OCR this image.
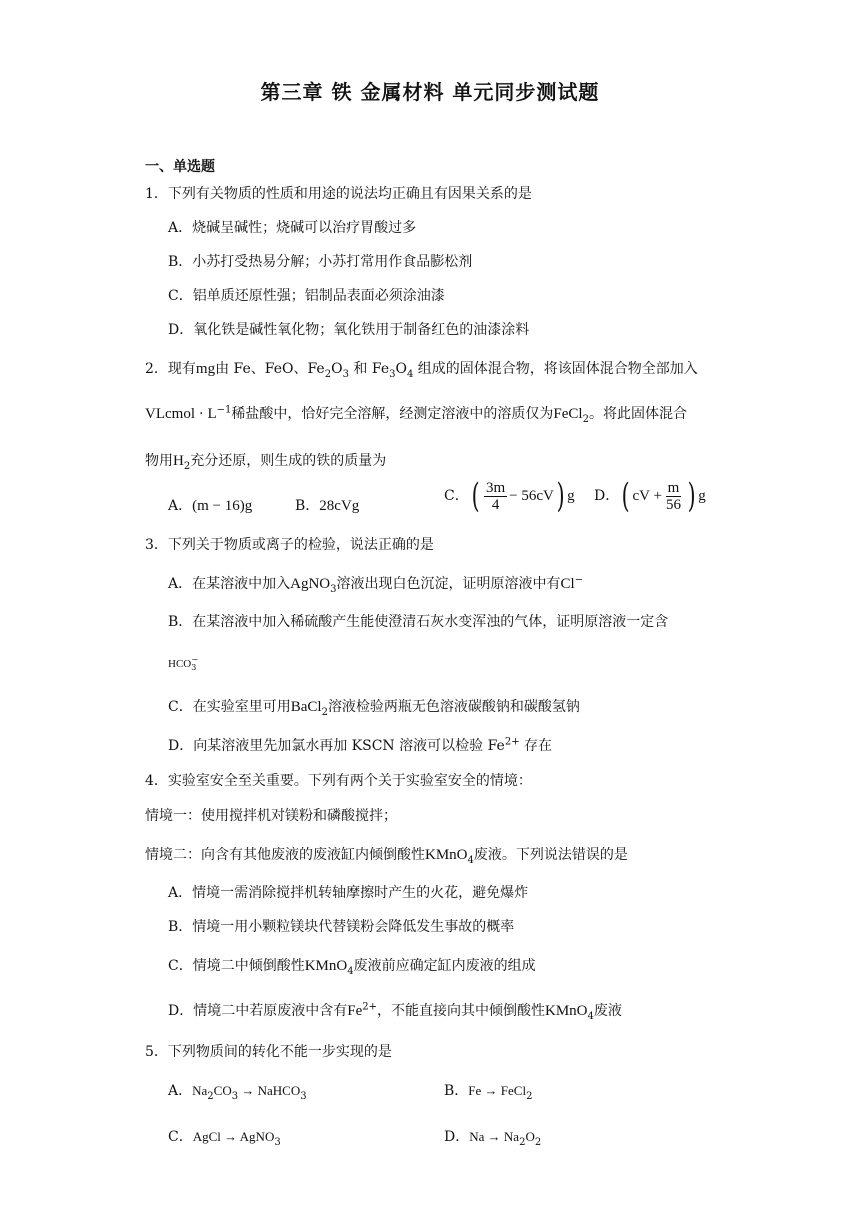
第三章 铁 金属材料 单元同步测试题
一、单选题
1．下列有关物质的性质和用途的说法均正确且有因果关系的是
A．烧碱呈碱性；烧碱可以治疗胃酸过多
B．小苏打受热易分解；小苏打常用作食品膨松剂
C．铝单质还原性强；铝制品表面必须涂油漆
D．氧化铁是碱性氧化物；氧化铁用于制备红色的油漆涂料
2．现有mg由 Fe、FeO、$Fe_2O_3$ 和 $Fe_3O_4$ 组成的固体混合物，将该固体混合物全部加入
VLcmol · $L^{-1}$稀盐酸中，恰好完全溶解，经测定溶液中的溶质仅为FeCl$_2$。将此固体混合
物用$H_2$充分还原，则生成的铁的质量为
A．(m − 16)g	B．28cVg
C．( $\frac{3m}{4} - 56cV$) g D．( cV + $\frac{m}{56}$ ) g
3．下列关于物质或离子的检验，说法正确的是
A．在某溶液中加入AgNO$_3$溶液出现白色沉淀，证明原溶液中有Cl−
B．在某溶液中加入稀硫酸产生能使澄清石灰水变浑浊的气体，证明原溶液一定含
$HCO_3^-$
C．在实验室里可用BaCl$_2$溶液检验两瓶无色溶液碳酸钠和碳酸氢钠
D．向某溶液里先加氯水再加 KSCN 溶液可以检验 $Fe^{2+}$ 存在
4．实验室安全至关重要。下列有两个关于实验室安全的情境：
情境一：使用搅拌机对镁粉和磷酸搅拌；
情境二：向含有其他废液的废液缸内倾倒酸性KMnO$_4$废液。下列说法错误的是
A．情境一需消除搅拌机转轴摩擦时产生的火花，避免爆炸
B．情境一用小颗粒镁块代替镁粉会降低发生事故的概率
C．情境二中倾倒酸性KMnO$_4$废液前应确定缸内废液的组成
D．情境二中若原废液中含有$Fe^{2+}$，不能直接向其中倾倒酸性KMnO$_4$废液
5．下列物质间的转化不能一步实现的是
A．$Na_2CO_3$ → NaHCO$_3$	B．Fe → FeCl$_2$
C．AgCl → AgNO$_3$	D．$Na \to Na_2O_2$
